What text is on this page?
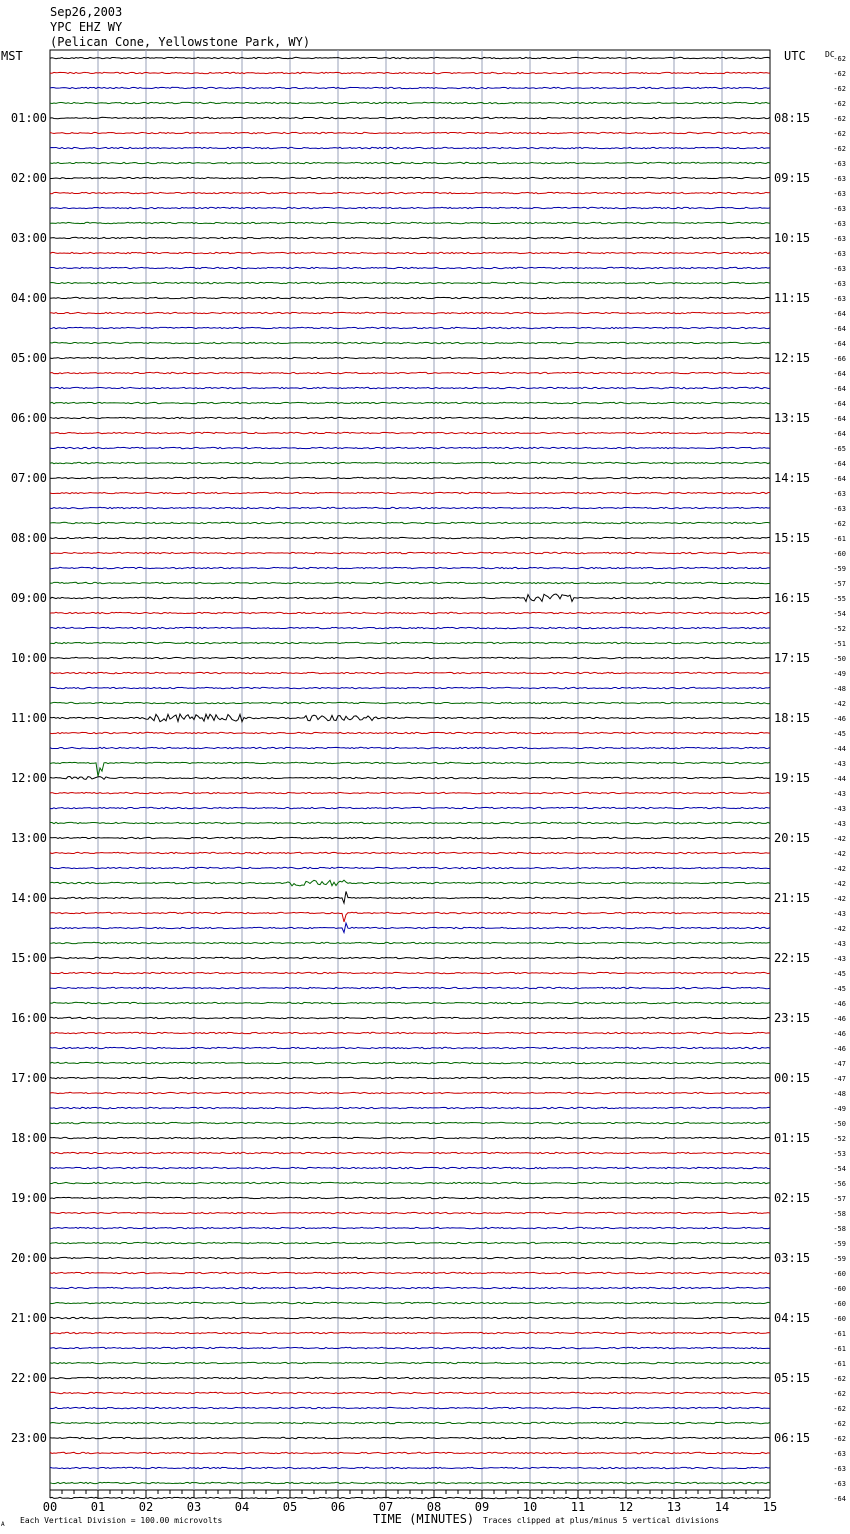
Sep26,2003
YPC EHZ WY
(Pelican Cone, Yellowstone Park, WY)
MST	UTC DC
TIME (MINUTES)
Each Vertical Division = 100.00 microvolts	Traces clipped at plus/minus 5 vertical divisions
A
-62
-62
-62
-62
-62
-62
-62
-63
-63
-63
-63
-63
-63
-63
-63
-63
-63
-64
-64
-64
-66
-64
-64
-64
-64
-64
-65
-64
-64
-63
-63
-62
-61
-60
-59
-57
-55
-54
-52
-51
-50
-49
-48
-42
-46
-45
-44
-43
-44
-43
-43
-43
-42
-42
-42
-42
-42
-43
-42
-43
-43
-45
-45
-46
-46
-46
-46
-47
-47
-48
-49
-50
-52
-53
-54
-56
-57
-58
-58
-59
-59
-60
-60
-60
-60
-61
-61
-61
-62
-62
-62
-62
-62
-63
-63
-63
-64
01:00
02:00
03:00
04:00
05:00
06:00
07:00
08:00
09:00
10:00
11:00
12:00
13:00
14:00
15:00
16:00
17:00
18:00
19:00
20:00
21:00
22:00
23:00
08:15
09:15
10:15
11:15
12:15
13:15
14:15
15:15
16:15
17:15
18:15
19:15
20:15
21:15
22:15
23:15
00:15
01:15
02:15
03:15
04:15
05:15
06:15
00	01	02	03	04	05	06	07	08	09	10	11	12	13	14	15
